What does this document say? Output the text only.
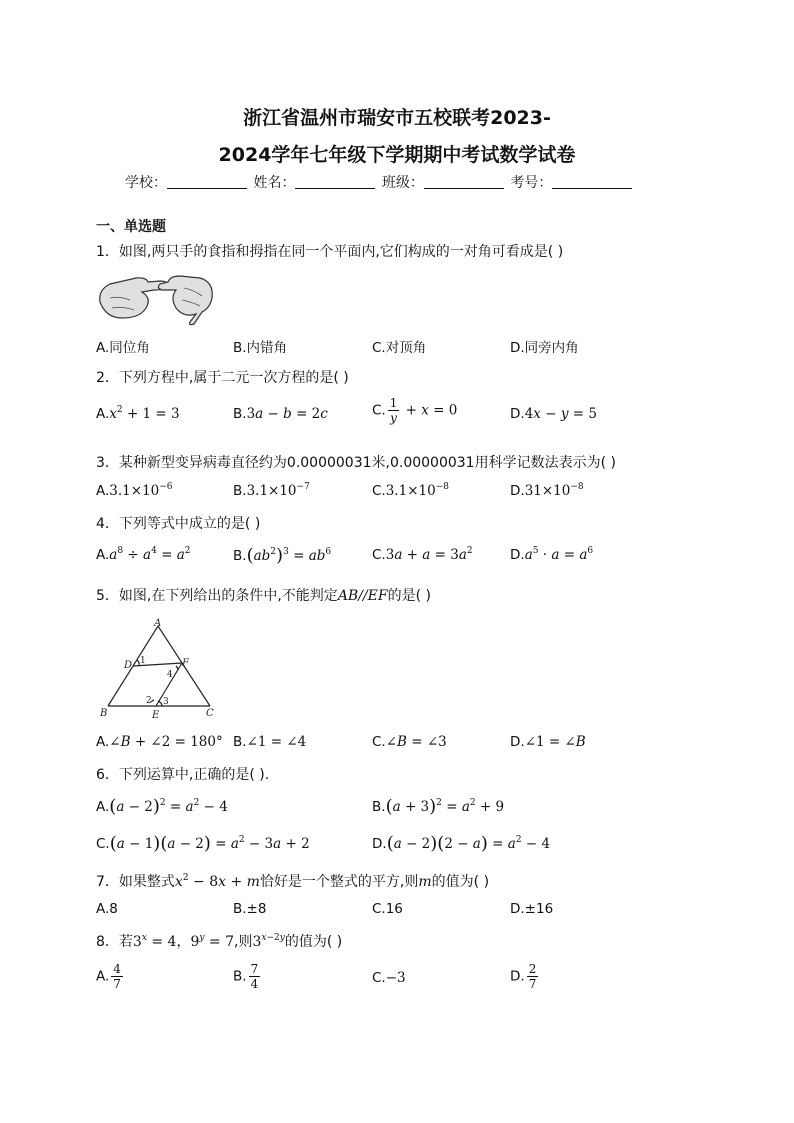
浙江省温州市瑞安市五校联考2023-
2024学年七年级下学期期中考试数学试卷
学校：	姓名：	班级：	考号：
一、单选题
1．如图,两只手的食指和拇指在同一个平面内,它们构成的一对角可看成是( )
A.同位角	B.内错角	C.对顶角	D.同旁内角
2．下列方程中,属于二元一次方程的是( )
$A.x^2 + 1 = 3$	B.3a − b = 2c	C. $\frac{1}{y} + x = 0$	D.4x − y = 5
3．某种新型变异病毒直径约为0.00000031米,0.00000031用科学记数法表示为( )
$A.3.1\times 10^{-6}$	$B.3.1\times 10^{-7}$	$C.3.1\times 10^{-8}$	$D.31\times 10^{-8}$
4．下列等式中成立的是( )
$A.a^8 \div a^4 = a^2$	$B.(ab^2)^3 = ab^6$	$C.3a + a = 3a^2$	$D.a^5 \cdot a = a^6$
5．如图,在下列给出的条件中,不能判定AB//EF的是( )
A
D	F
B	E	C
1
4
2 3
A.∠B + ∠2 = 180° B.∠1 = ∠4	C.∠B = ∠3	D.∠1 = ∠B
6．下列运算中,正确的是( ).
$A.(a - 2)^2 = a^2 - 4$	$B.(a + 3)^2 = a^2 + 9$
$C.(a - 1)(a - 2) = a^2 - 3a + 2$	$D.(a - 2)(2 - a) = a^2 - 4$
7．如果整式$x^2 - 8x + m$恰好是一个整式的平方,则m的值为( )
A.8	B.±8	C.16	D.±16
8．若$3^x = 4$，$9^y = 7$,则$3^{x-2y}$的值为( )
A. $\frac{4}{7}$	B. $\frac{7}{4}$	C.−3	D. $\frac{2}{7}$
